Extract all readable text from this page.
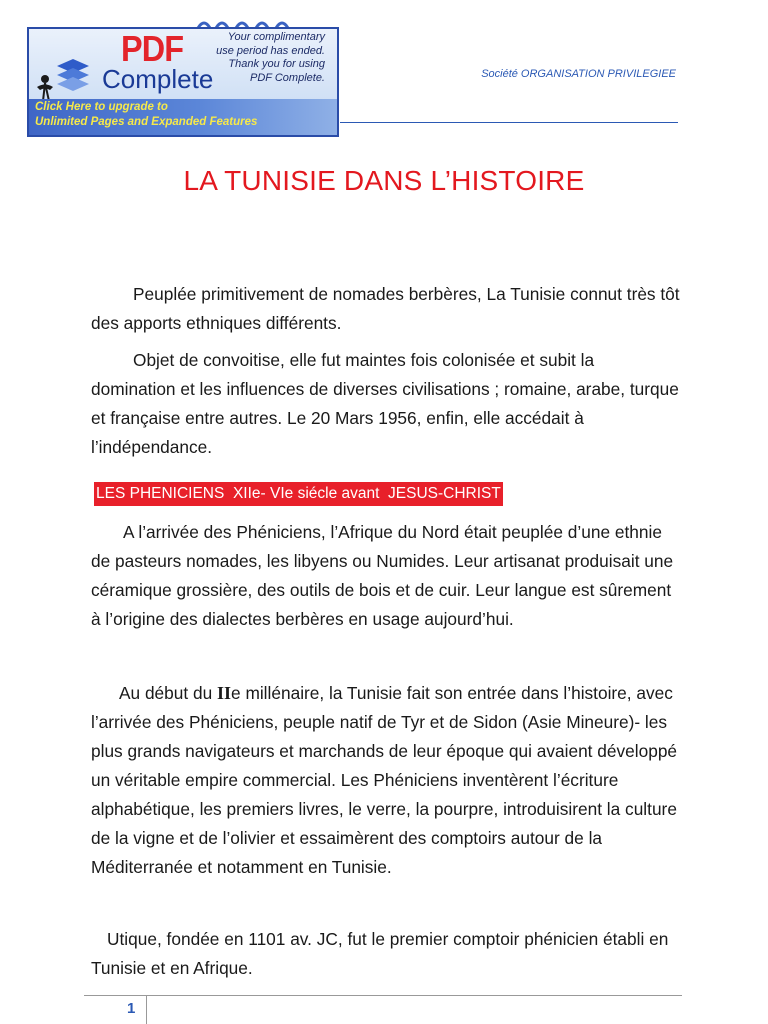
PDF
Complete
Your complimentary
use period has ended.
Thank you for using
PDF Complete.
Click Here to upgrade to
Unlimited Pages and Expanded Features
Société ORGANISATION PRIVILEGIEE
LA TUNISIE DANS L’HISTOIRE

Peuplée primitivement de nomades berbères, La Tunisie connut très tôt des apports ethniques différents.

Objet de convoitise, elle fut maintes fois colonisée et subit la domination et les influences de diverses civilisations ; romaine, arabe, turque et française entre autres. Le 20 Mars 1956, enfin, elle accédait à l’indépendance.

LES PHENICIENS  XIIe- VIe siécle avant  JESUS-CHRIST

A l’arrivée des Phéniciens, l’Afrique du Nord était peuplée d’une ethnie de pasteurs nomades, les libyens ou Numides. Leur artisanat produisait une céramique grossière, des outils de bois et de cuir. Leur langue est sûrement à l’origine des dialectes berbères en usage aujourd’hui.

Au début du IIe millénaire, la Tunisie fait son entrée dans l’histoire, avec l’arrivée des Phéniciens, peuple natif de Tyr et de Sidon (Asie Mineure)- les plus grands navigateurs et marchands de leur époque qui avaient développé un véritable empire commercial. Les Phéniciens inventèrent l’écriture alphabétique, les premiers livres, le verre, la pourpre, introduisirent la culture de la vigne et de l’olivier et essaimèrent des comptoirs autour de la Méditerranée et notamment en Tunisie.

Utique, fondée en 1101 av. JC, fut le premier comptoir phénicien établi en Tunisie et en Afrique.

1
